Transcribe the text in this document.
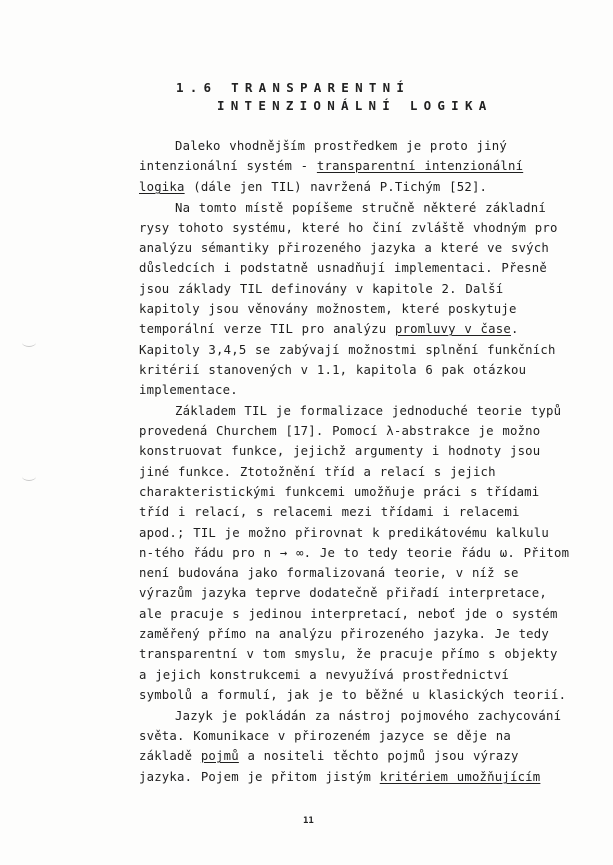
1.6 TRANSPARENTNÍ
INTENZIONÁLNÍ LOGIKA
Daleko vhodnějším prostředkem je proto jiný
intenzionální systém - transparentní intenzionální
logika (dále jen TIL) navržená P.Tichým [52].
Na tomto místě popíšeme stručně některé základní
rysy tohoto systému, které ho činí zvláště vhodným pro
analýzu sémantiky přirozeného jazyka a které ve svých
důsledcích i podstatně usnadňují implementaci. Přesně
jsou základy TIL definovány v kapitole 2. Další
kapitoly jsou věnovány možnostem, které poskytuje
temporální verze TIL pro analýzu promluvy v čase.
Kapitoly 3,4,5 se zabývají možnostmi splnění funkčních
kritérií stanovených v 1.1, kapitola 6 pak otázkou
implementace.
Základem TIL je formalizace jednoduché teorie typů
provedená Churchem [17]. Pomocí λ-abstrakce je možno
konstruovat funkce, jejichž argumenty i hodnoty jsou
jiné funkce. Ztotožnění tříd a relací s jejich
charakteristickými funkcemi umožňuje práci s třídami
tříd i relací, s relacemi mezi třídami i relacemi
apod.; TIL je možno přirovnat k predikátovému kalkulu
n-tého řádu pro n → ∞. Je to tedy teorie řádu ω. Přitom
není budována jako formalizovaná teorie, v níž se
výrazům jazyka teprve dodatečně přiřadí interpretace,
ale pracuje s jedinou interpretací, neboť jde o systém
zaměřený přímo na analýzu přirozeného jazyka. Je tedy
transparentní v tom smyslu, že pracuje přímo s objekty
a jejich konstrukcemi a nevyužívá prostřednictví
symbolů a formulí, jak je to běžné u klasických teorií.
Jazyk je pokládán za nástroj pojmového zachycování
světa. Komunikace v přirozeném jazyce se děje na
základě pojmů a nositeli těchto pojmů jsou výrazy
jazyka. Pojem je přitom jistým kritériem umožňujícím
11
